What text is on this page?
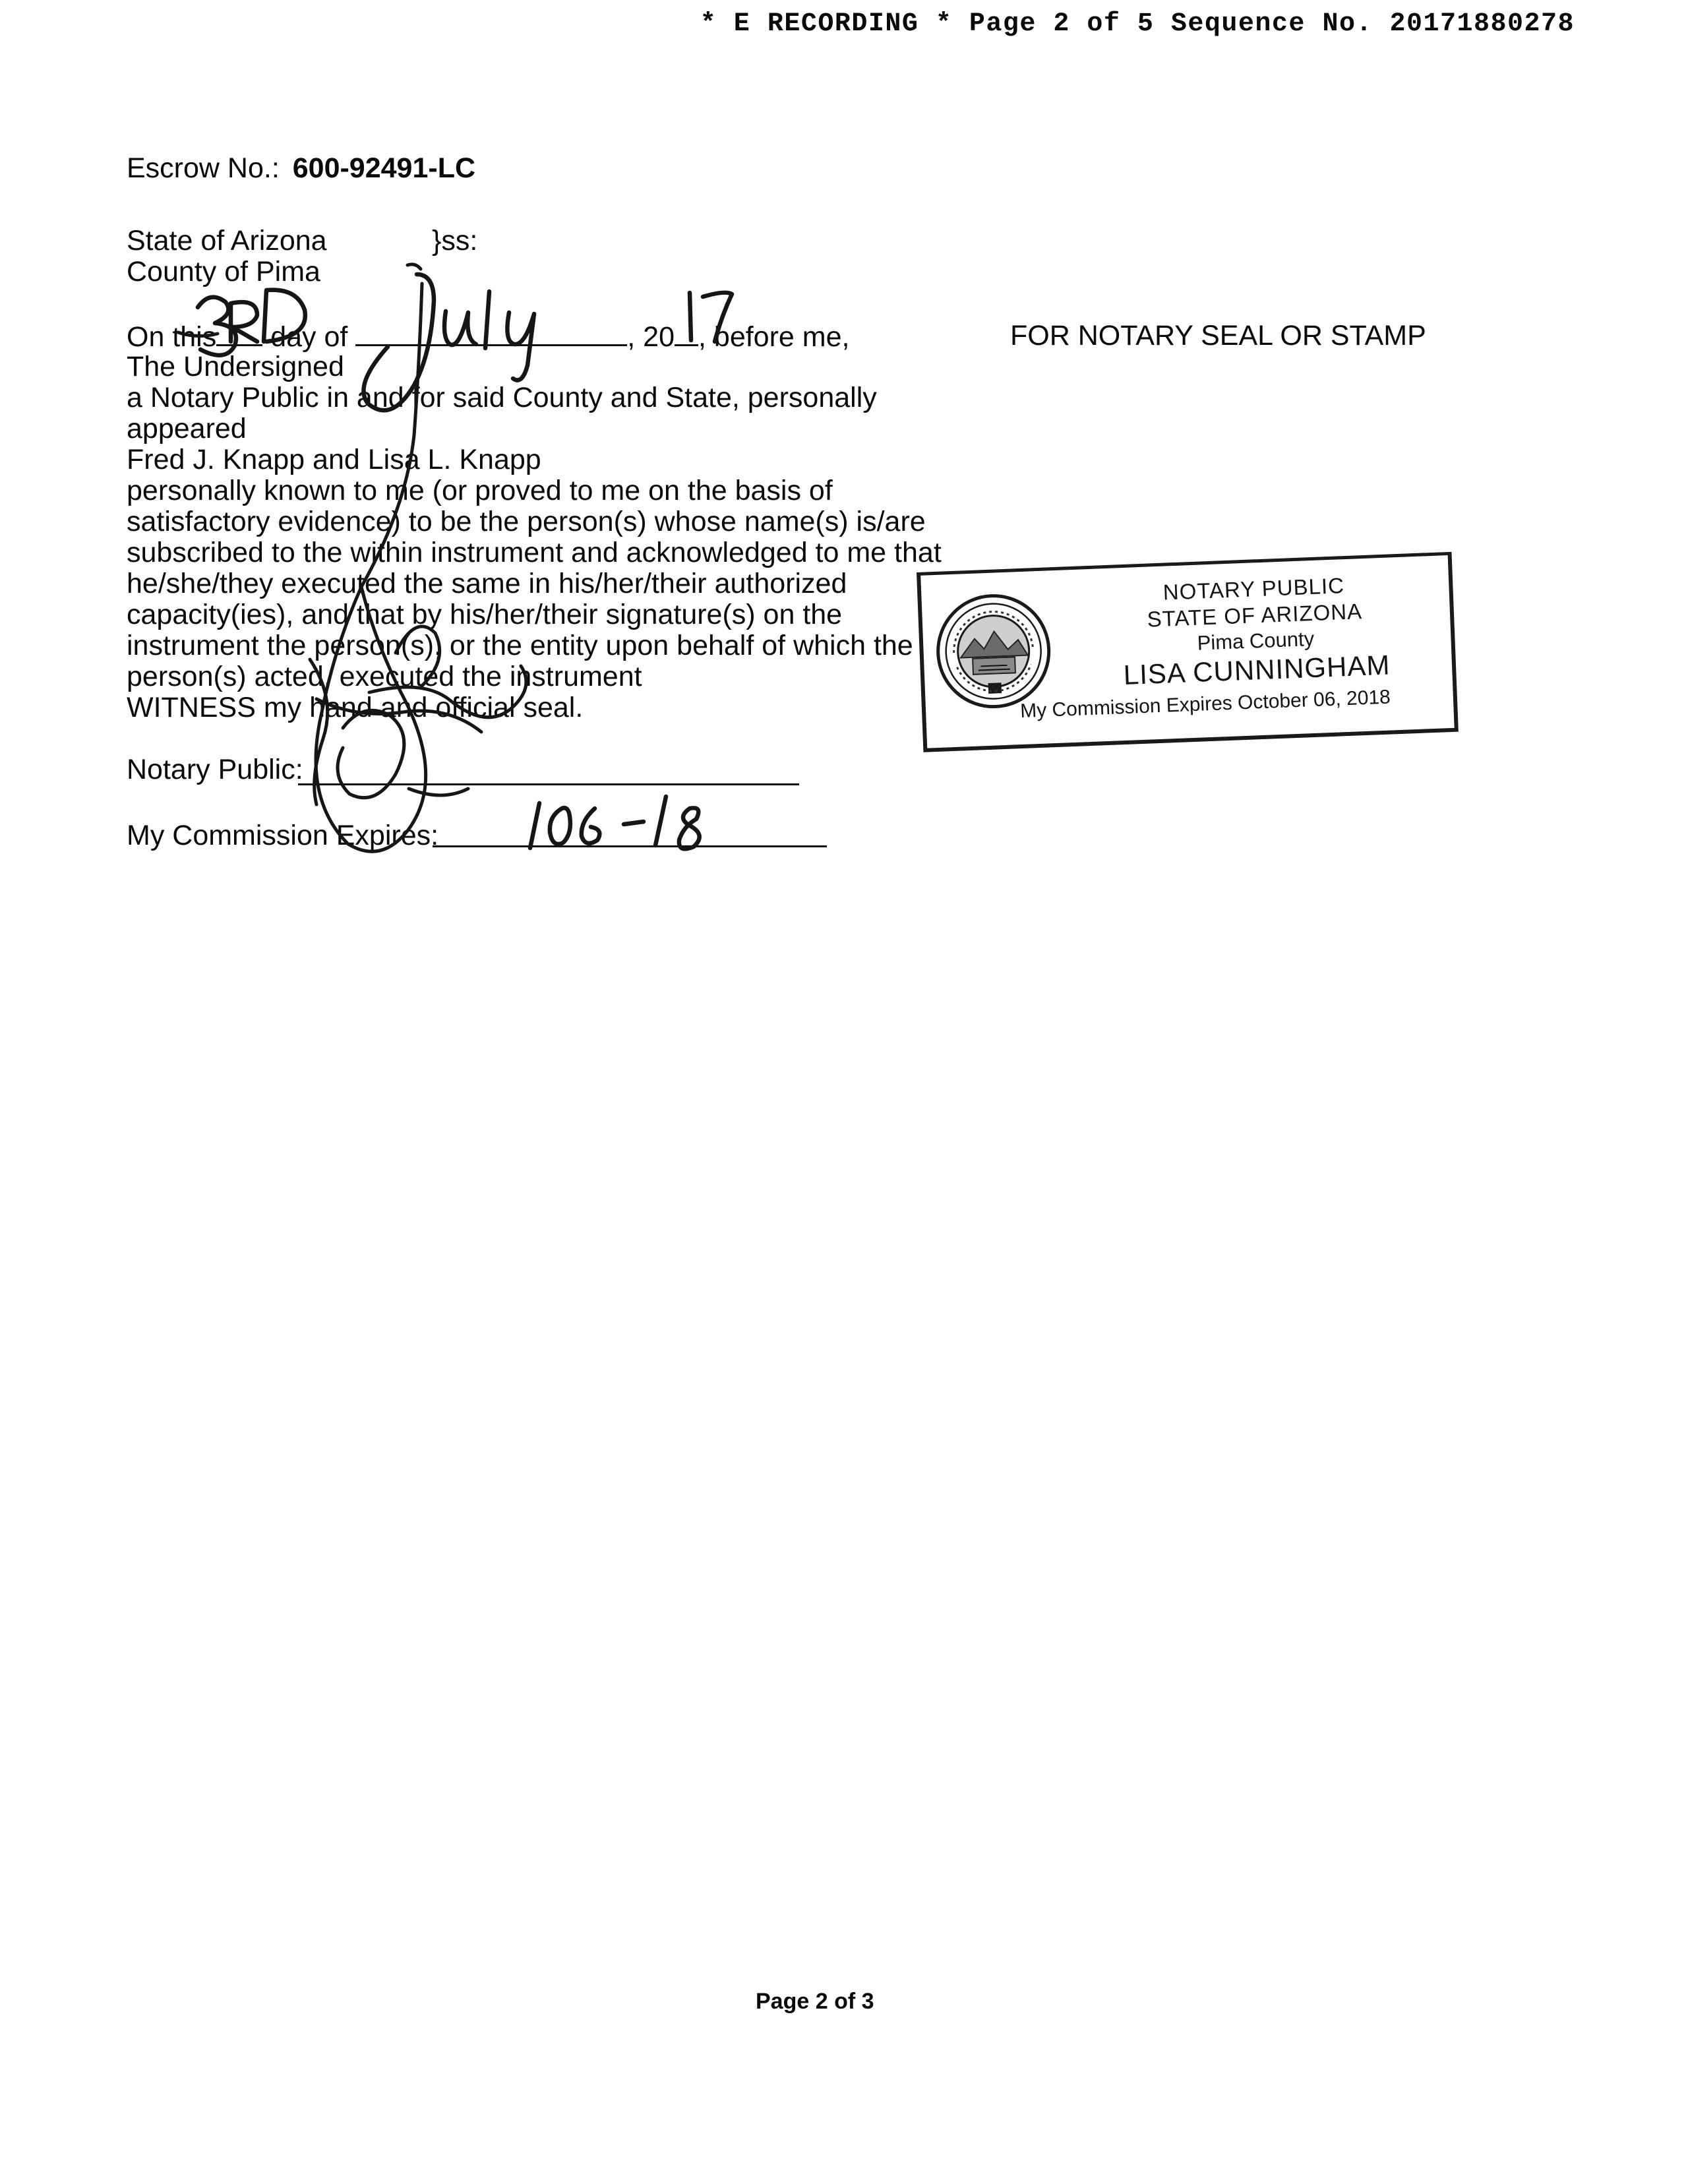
* E RECORDING * Page 2 of 5 Sequence No. 20171880278
Escrow No.: 600-92491-LC
State of Arizona	}ss:
County of Pima
On this day of	, 20 , before me,	FOR NOTARY SEAL OR STAMP
The Undersigned
a Notary Public in and for said County and State, personally
appeared
Fred J. Knapp and Lisa L. Knapp
personally known to me (or proved to me on the basis of
satisfactory evidence) to be the person(s) whose name(s) is/are
subscribed to the within instrument and acknowledged to me that
he/she/they executed the same in his/her/their authorized
capacity(ies), and that by his/her/their signature(s) on the
instrument the person(s), or the entity upon behalf of which the
person(s) acted, executed the instrument
WITNESS my hand and official seal.
Notary Public:
My Commission Expires:
NOTARY PUBLIC
STATE OF ARIZONA
Pima County
LISA CUNNINGHAM
My Commission Expires October 06, 2018
Page 2 of 3
